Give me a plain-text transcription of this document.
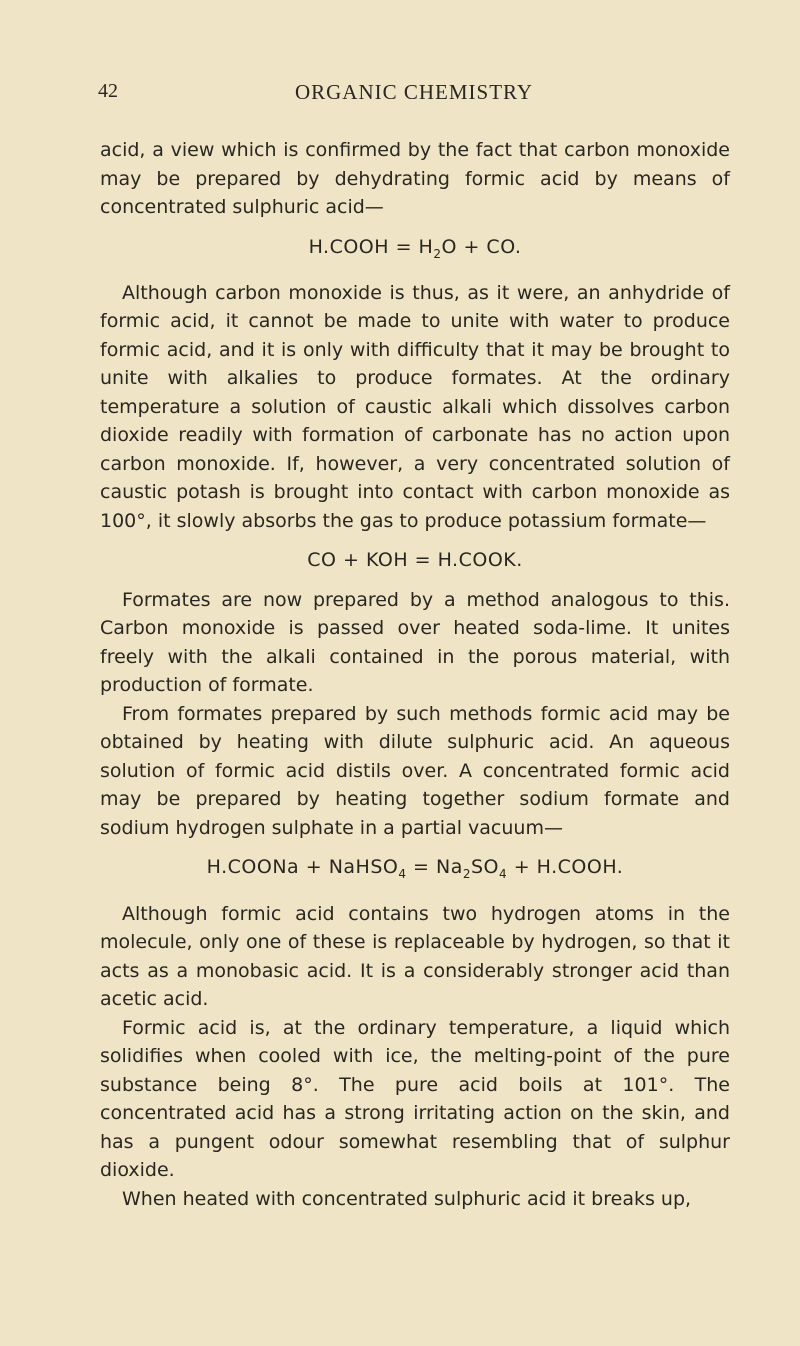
42	ORGANIC CHEMISTRY

acid, a view which is confirmed by the fact that carbon monoxide may be prepared by dehydrating formic acid by means of concentrated sulphuric acid—

H.COOH = $H_2O$ + CO.

Although carbon monoxide is thus, as it were, an anhydride of formic acid, it cannot be made to unite with water to produce formic acid, and it is only with difficulty that it may be brought to unite with alkalies to produce formates. At the ordinary temperature a solution of caustic alkali which dissolves carbon dioxide readily with formation of carbonate has no action upon carbon monoxide. If, however, a very concentrated solution of caustic potash is brought into contact with carbon monoxide as 100°, it slowly absorbs the gas to produce potassium formate—

CO + KOH = H.COOK.

Formates are now prepared by a method analogous to this. Carbon monoxide is passed over heated soda-lime. It unites freely with the alkali contained in the porous material, with production of formate.

From formates prepared by such methods formic acid may be obtained by heating with dilute sulphuric acid. An aqueous solution of formic acid distils over. A concentrated formic acid may be prepared by heating together sodium formate and sodium hydrogen sulphate in a partial vacuum—

H.COONa + NaHSO$_4$ = $Na_2SO_4$ + H.COOH.

Although formic acid contains two hydrogen atoms in the molecule, only one of these is replaceable by hydrogen, so that it acts as a monobasic acid. It is a considerably stronger acid than acetic acid.

Formic acid is, at the ordinary temperature, a liquid which solidifies when cooled with ice, the melting-point of the pure substance being 8°. The pure acid boils at 101°. The concentrated acid has a strong irritating action on the skin, and has a pungent odour somewhat resembling that of sulphur dioxide.

When heated with concentrated sulphuric acid it breaks up,
